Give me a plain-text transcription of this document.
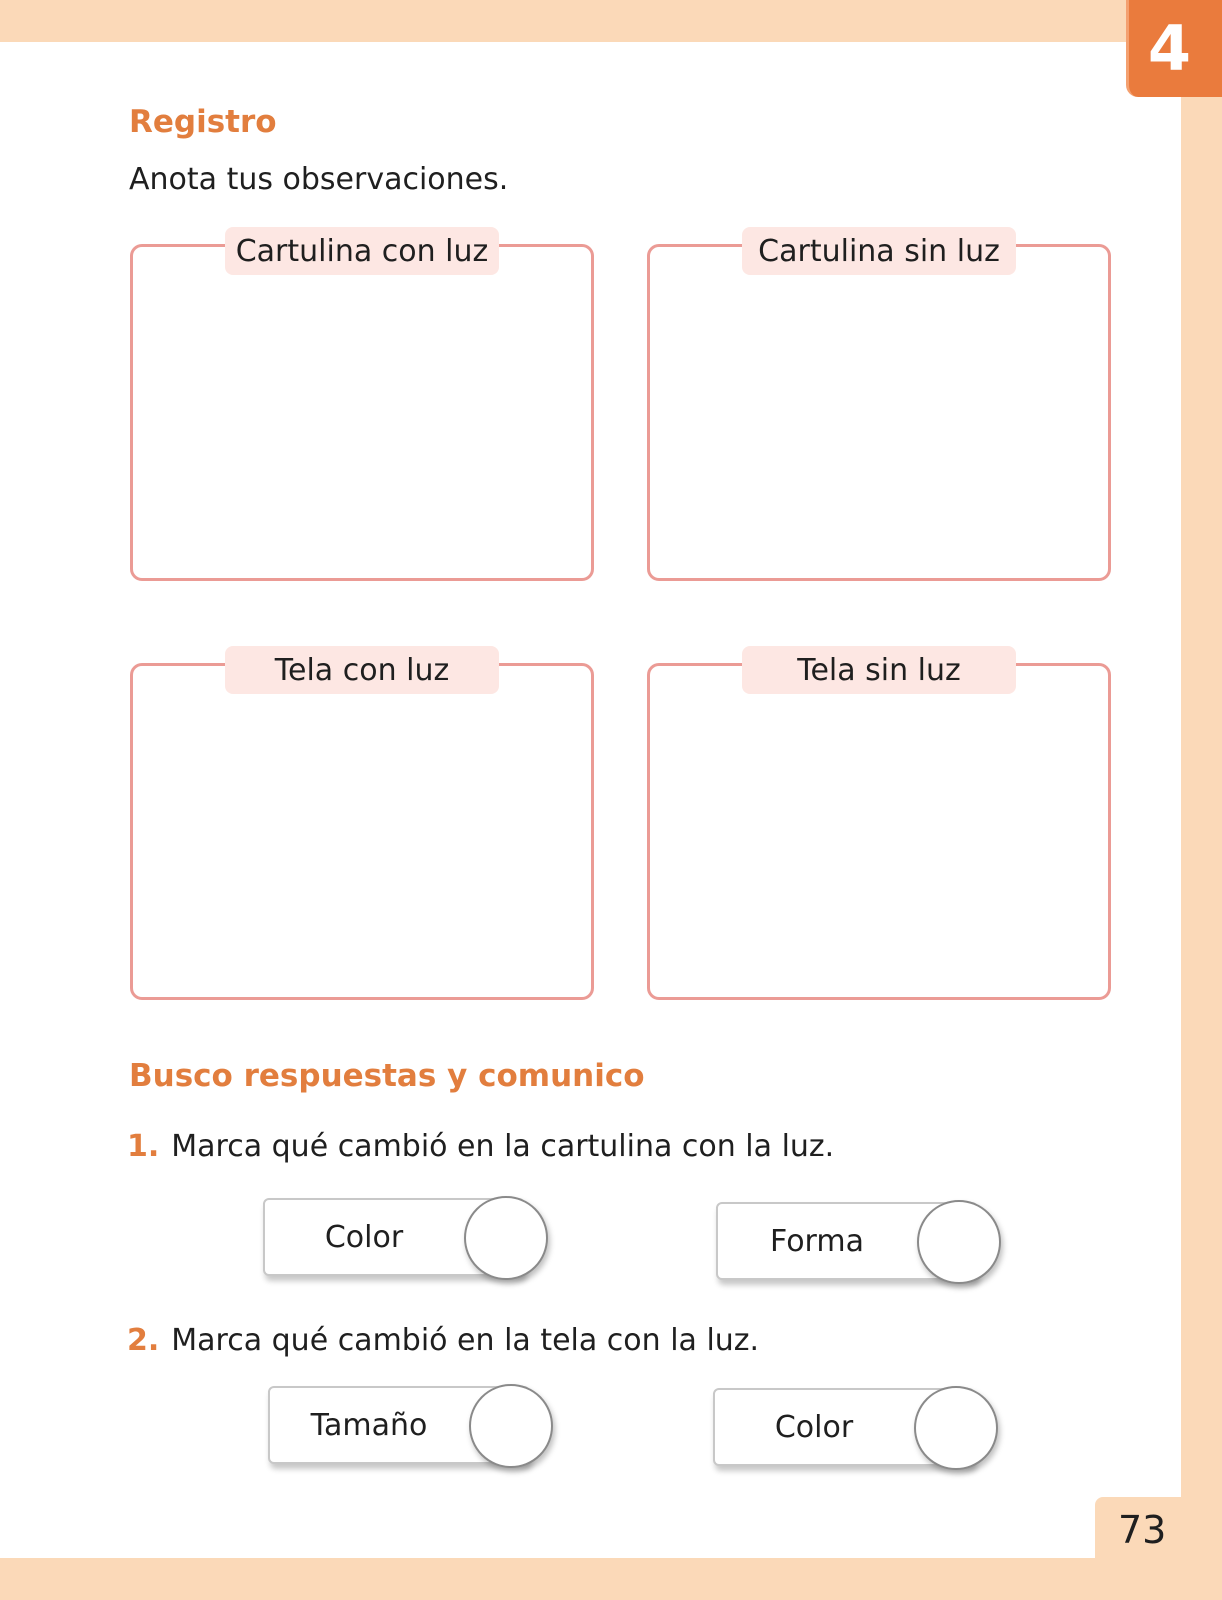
4
Registro

Anota tus observaciones.

Cartulina con luz	Cartulina sin luz
Tela con luz	Tela sin luz
Busco respuestas y comunico

1. Marca qué cambió en la cartulina con la luz.

Color	Forma

2. Marca qué cambió en la tela con la luz.

Tamaño	Color
73
